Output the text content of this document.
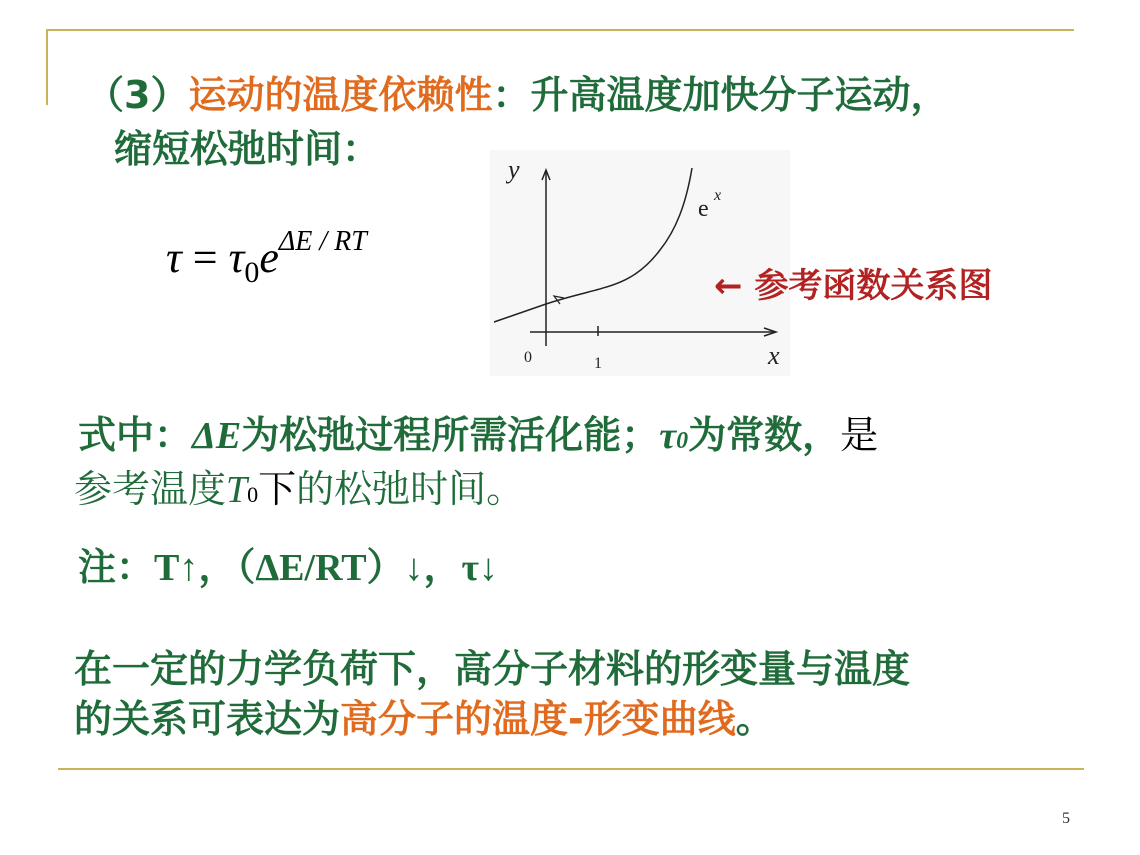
（3）运动的温度依赖性：升高温度加快分子运动，
缩短松弛时间：
$\tau = \tau_0e^{\Delta E / RT}$
y
x
e
x
0	1
← 参考函数关系图
式中：ΔE为松弛过程所需活化能；τ0为常数，是
参考温度T0下的松弛时间。
注：T↑，（ΔE/RT）↓，τ↓
在一定的力学负荷下，高分子材料的形变量与温度
的关系可表达为高分子的温度-形变曲线。
5
